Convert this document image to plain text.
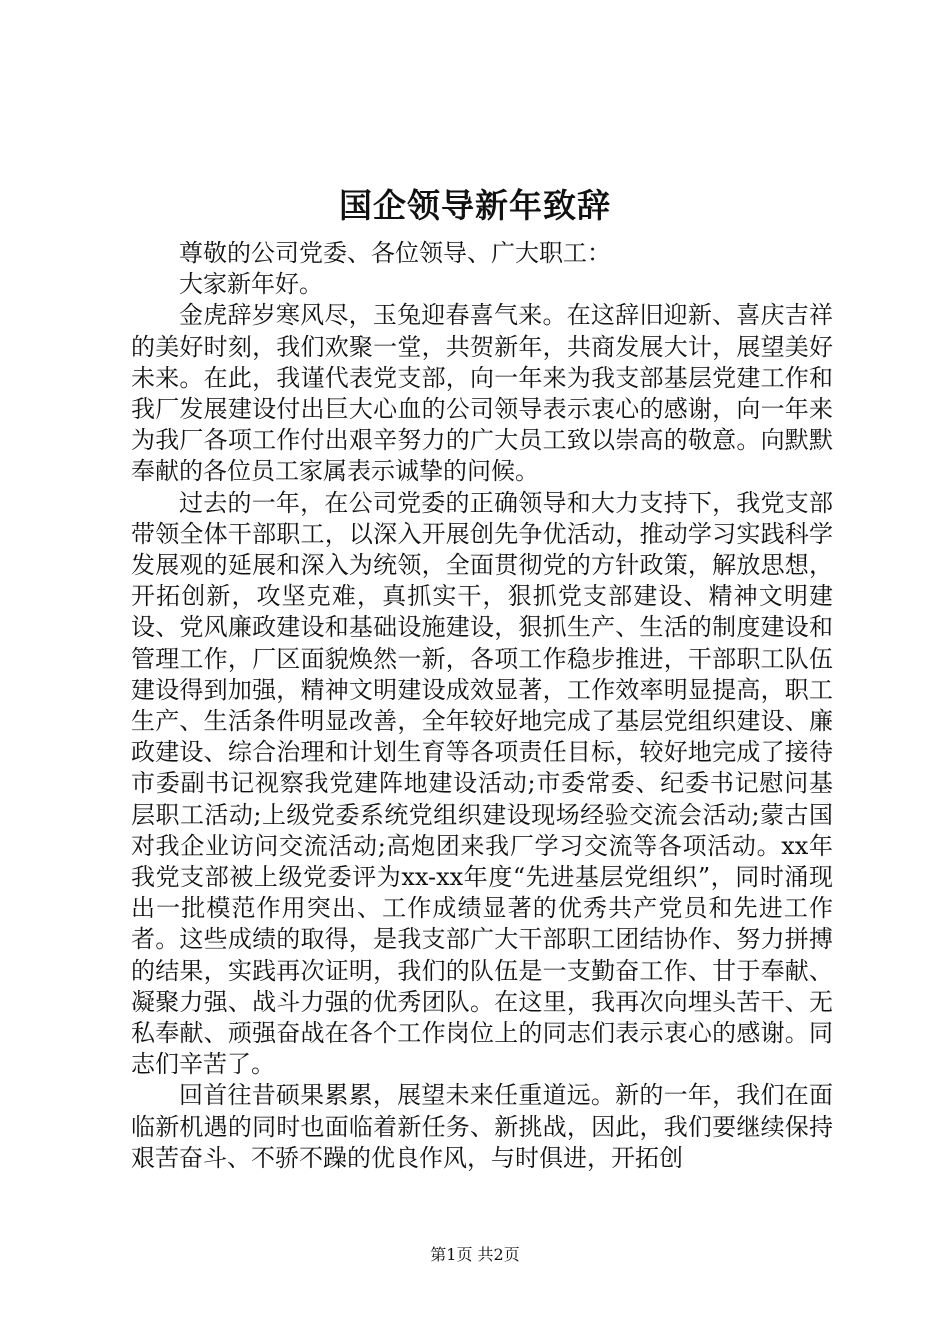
国企领导新年致辞

尊敬的公司党委、各位领导、广大职工：

大家新年好。

金虎辞岁寒风尽，玉兔迎春喜气来。在这辞旧迎新、喜庆吉祥的美好时刻，我们欢聚一堂，共贺新年，共商发展大计，展望美好未来。在此，我谨代表党支部，向一年来为我支部基层党建工作和我厂发展建设付出巨大心血的公司领导表示衷心的感谢，向一年来为我厂各项工作付出艰辛努力的广大员工致以崇高的敬意。向默默奉献的各位员工家属表示诚挚的问候。

过去的一年，在公司党委的正确领导和大力支持下，我党支部带领全体干部职工，以深入开展创先争优活动，推动学习实践科学发展观的延展和深入为统领，全面贯彻党的方针政策，解放思想，开拓创新，攻坚克难，真抓实干，狠抓党支部建设、精神文明建设、党风廉政建设和基础设施建设，狠抓生产、生活的制度建设和管理工作，厂区面貌焕然一新，各项工作稳步推进，干部职工队伍建设得到加强，精神文明建设成效显著，工作效率明显提高，职工生产、生活条件明显改善，全年较好地完成了基层党组织建设、廉政建设、综合治理和计划生育等各项责任目标，较好地完成了接待市委副书记视察我党建阵地建设活动;市委常委、纪委书记慰问基层职工活动;上级党委系统党组织建设现场经验交流会活动;蒙古国对我企业访问交流活动;高炮团来我厂学习交流等各项活动。xx年我党支部被上级党委评为xx-xx年度“先进基层党组织”，同时涌现出一批模范作用突出、工作成绩显著的优秀共产党员和先进工作者。这些成绩的取得，是我支部广大干部职工团结协作、努力拼搏的结果，实践再次证明，我们的队伍是一支勤奋工作、甘于奉献、凝聚力强、战斗力强的优秀团队。在这里，我再次向埋头苦干、无私奉献、顽强奋战在各个工作岗位上的同志们表示衷心的感谢。同志们辛苦了。

回首往昔硕果累累，展望未来任重道远。新的一年，我们在面临新机遇的同时也面临着新任务、新挑战，因此，我们要继续保持艰苦奋斗、不骄不躁的优良作风，与时俱进，开拓创

第1页 共2页
